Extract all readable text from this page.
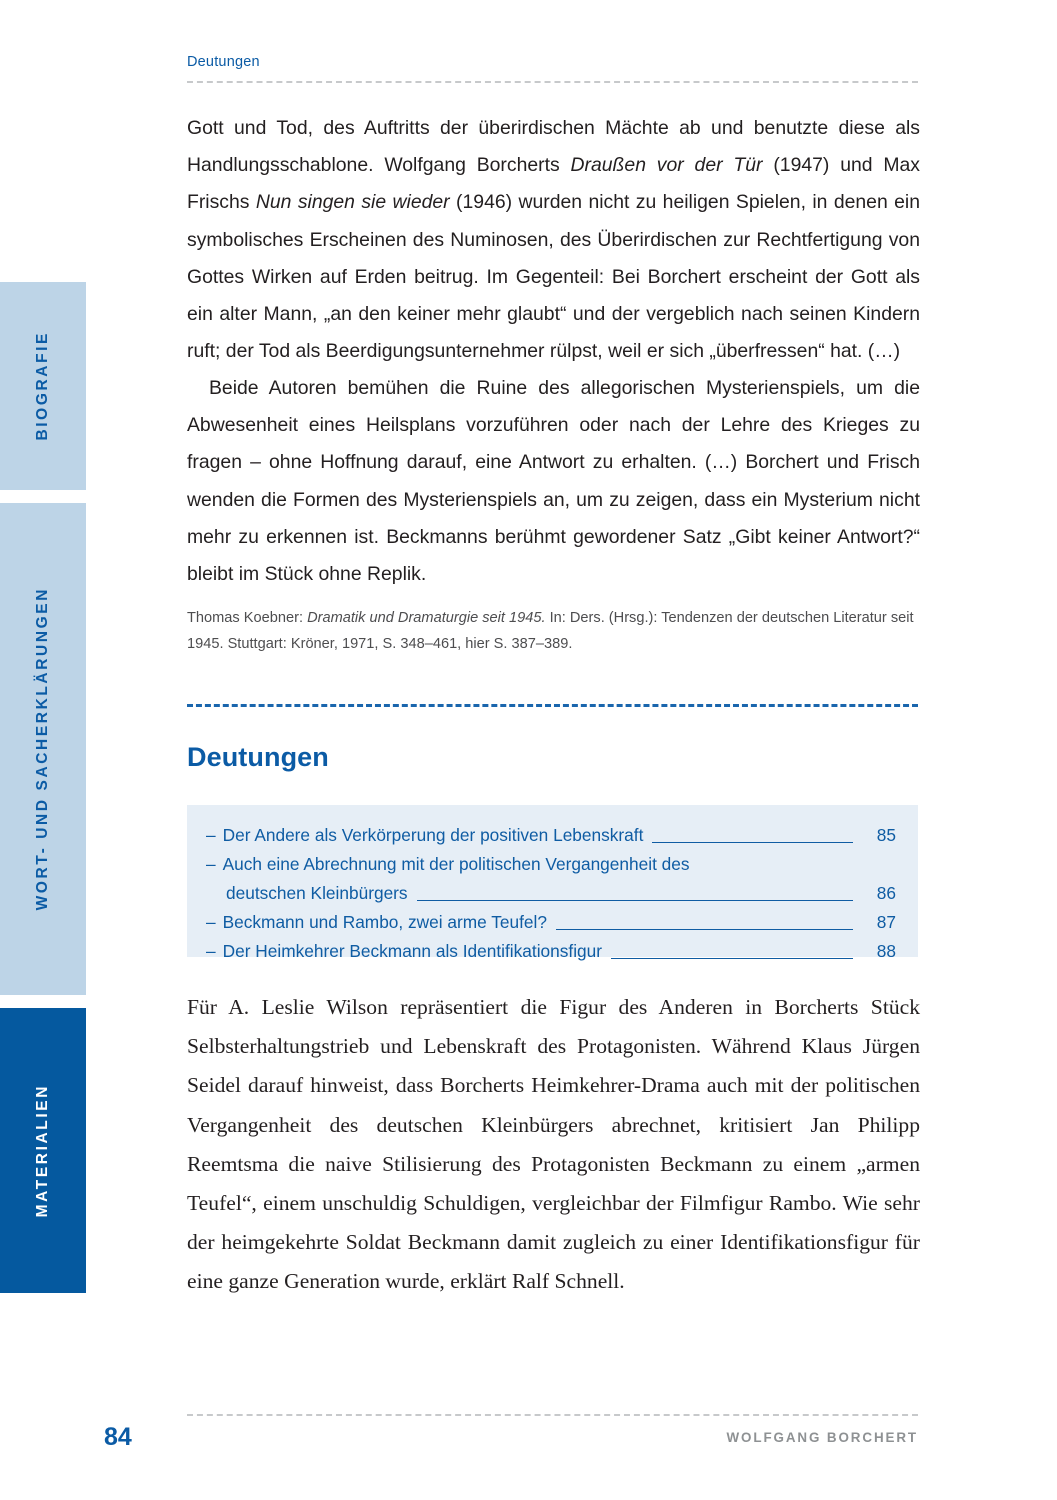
BIOGRAFIE
WORT- UND SACHERKLÄRUNGEN
MATERIALIEN
Deutungen

Gott und Tod, des Auftritts der überirdischen Mächte ab und benutzte diese als Handlungsschablone. Wolfgang Borcherts Draußen vor der Tür (1947) und Max Frischs Nun singen sie wieder (1946) wurden nicht zu heiligen Spielen, in denen ein symbolisches Erscheinen des Numinosen, des Überirdischen zur Rechtfertigung von Gottes Wirken auf Erden beitrug. Im Gegenteil: Bei Borchert erscheint der Gott als ein alter Mann, „an den keiner mehr glaubt“ und der vergeblich nach seinen Kindern ruft; der Tod als Beerdigungsunternehmer rülpst, weil er sich „überfressen“ hat. (…)

Beide Autoren bemühen die Ruine des allegorischen Mysterienspiels, um die Abwesenheit eines Heilsplans vorzuführen oder nach der Lehre des Krieges zu fragen – ohne Hoffnung darauf, eine Antwort zu erhalten. (…) Borchert und Frisch wenden die Formen des Mysterienspiels an, um zu zeigen, dass ein Mysterium nicht mehr zu erkennen ist. Beckmanns berühmt gewordener Satz „Gibt keiner Antwort?“ bleibt im Stück ohne Replik.

Thomas Koebner: Dramatik und Dramaturgie seit 1945. In: Ders. (Hrsg.): Tendenzen der deutschen Literatur seit 1945. Stuttgart: Kröner, 1971, S. 348–461, hier S. 387–389.
Deutungen
– Der Andere als Verkörperung der positiven Lebenskraft	85
– Auch eine Abrechnung mit der politischen Vergangenheit des
deutschen Kleinbürgers	86
– Beckmann und Rambo, zwei arme Teufel?	87
– Der Heimkehrer Beckmann als Identifikationsfigur	88

Für A. Leslie Wilson repräsentiert die Figur des Anderen in Borcherts Stück Selbsterhaltungstrieb und Lebenskraft des Protagonisten. Während Klaus Jürgen Seidel darauf hinweist, dass Borcherts Heimkehrer-Drama auch mit der politischen Vergangenheit des deutschen Kleinbürgers abrechnet, kritisiert Jan Philipp Reemtsma die naive Stilisierung des Protagonisten Beckmann zu einem „armen Teufel“, einem unschuldig Schuldigen, vergleichbar der Filmfigur Rambo. Wie sehr der heimgekehrte Soldat Beckmann damit zugleich zu einer Identifikationsfigur für eine ganze Generation wurde, erklärt Ralf Schnell.

84	WOLFGANG BORCHERT
